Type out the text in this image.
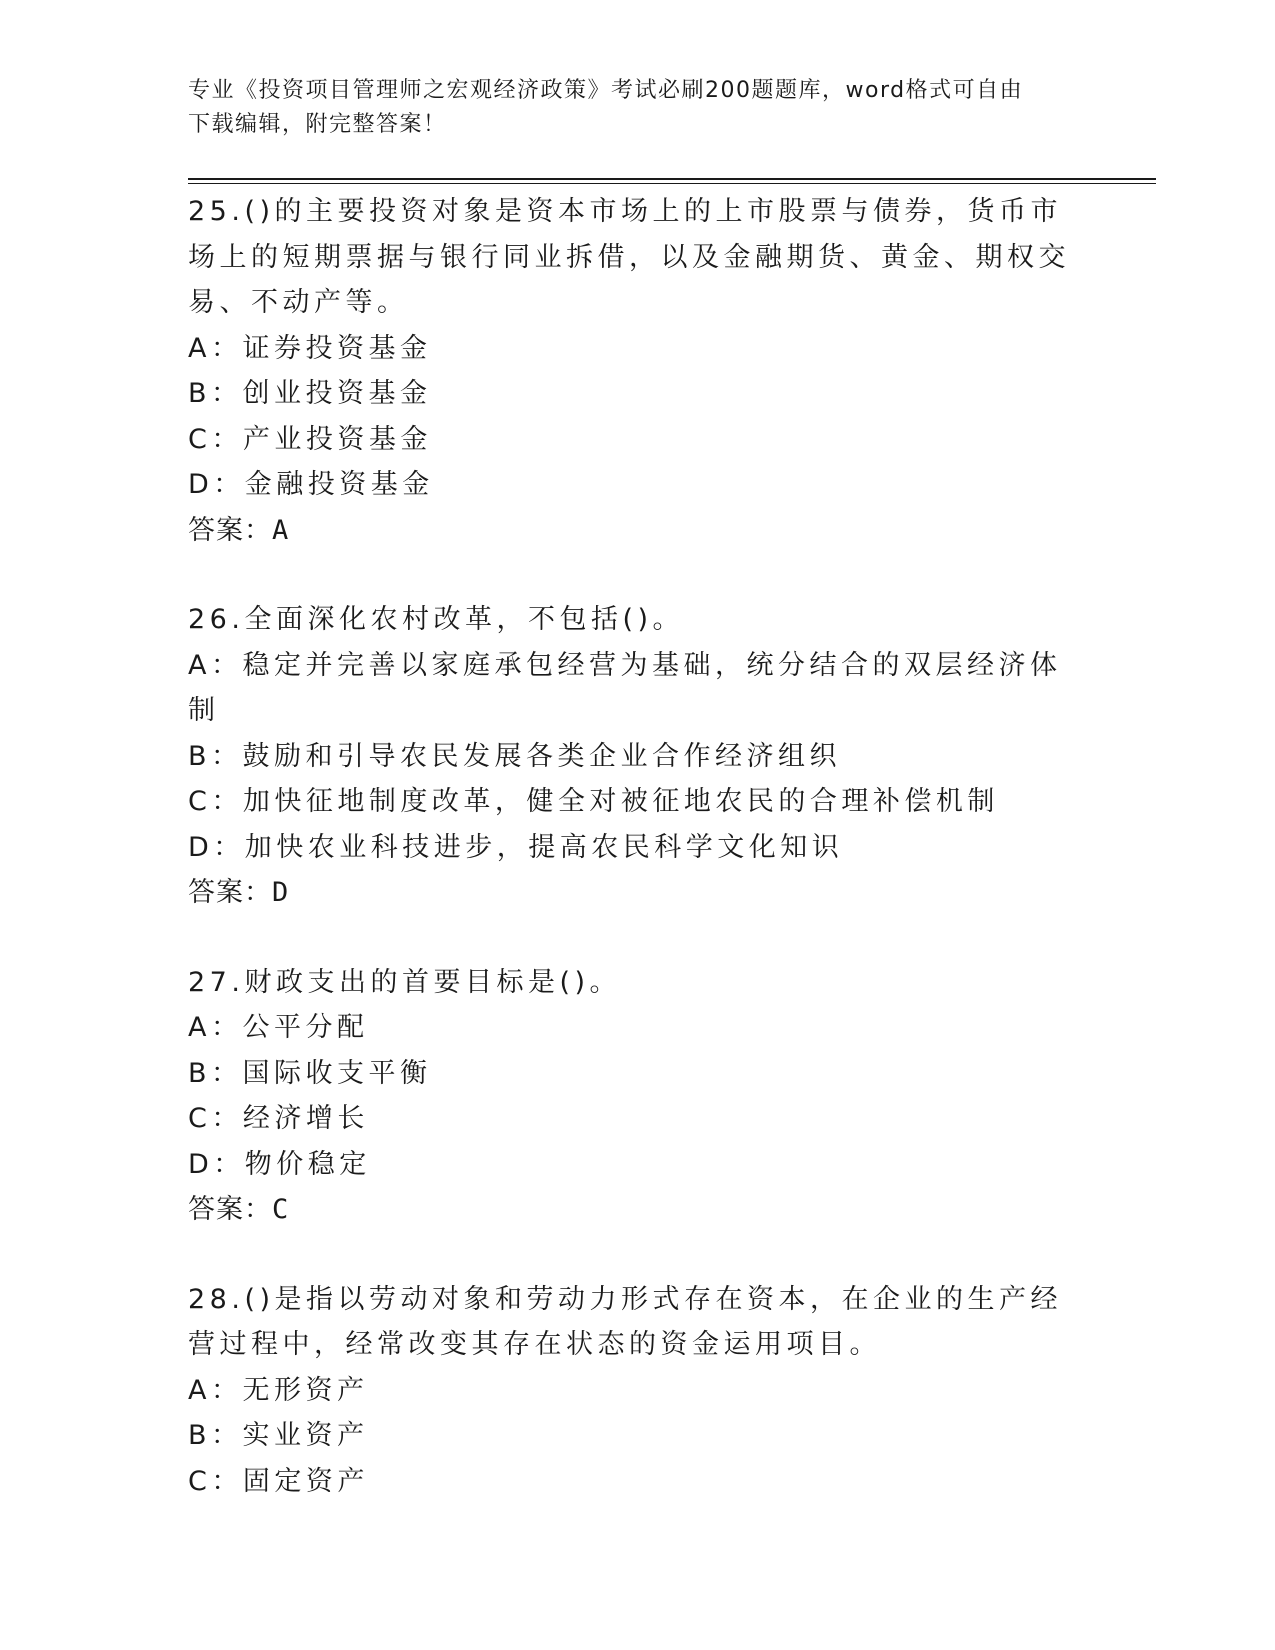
专业《投资项目管理师之宏观经济政策》考试必刷200题题库，word格式可自由
下载编辑，附完整答案！

25.()的主要投资对象是资本市场上的上市股票与债券，货币市场上的短期票据与银行同业拆借，以及金融期货、黄金、期权交易、不动产等。

A：证券投资基金

B：创业投资基金

C：产业投资基金

D：金融投资基金

答案：A

26.全面深化农村改革，不包括()。

A：稳定并完善以家庭承包经营为基础，统分结合的双层经济体制

B：鼓励和引导农民发展各类企业合作经济组织

C：加快征地制度改革，健全对被征地农民的合理补偿机制

D：加快农业科技进步，提高农民科学文化知识

答案：D

27.财政支出的首要目标是()。

A：公平分配

B：国际收支平衡

C：经济增长

D：物价稳定

答案：C

28.()是指以劳动对象和劳动力形式存在资本，在企业的生产经营过程中，经常改变其存在状态的资金运用项目。

A：无形资产

B：实业资产

C：固定资产
